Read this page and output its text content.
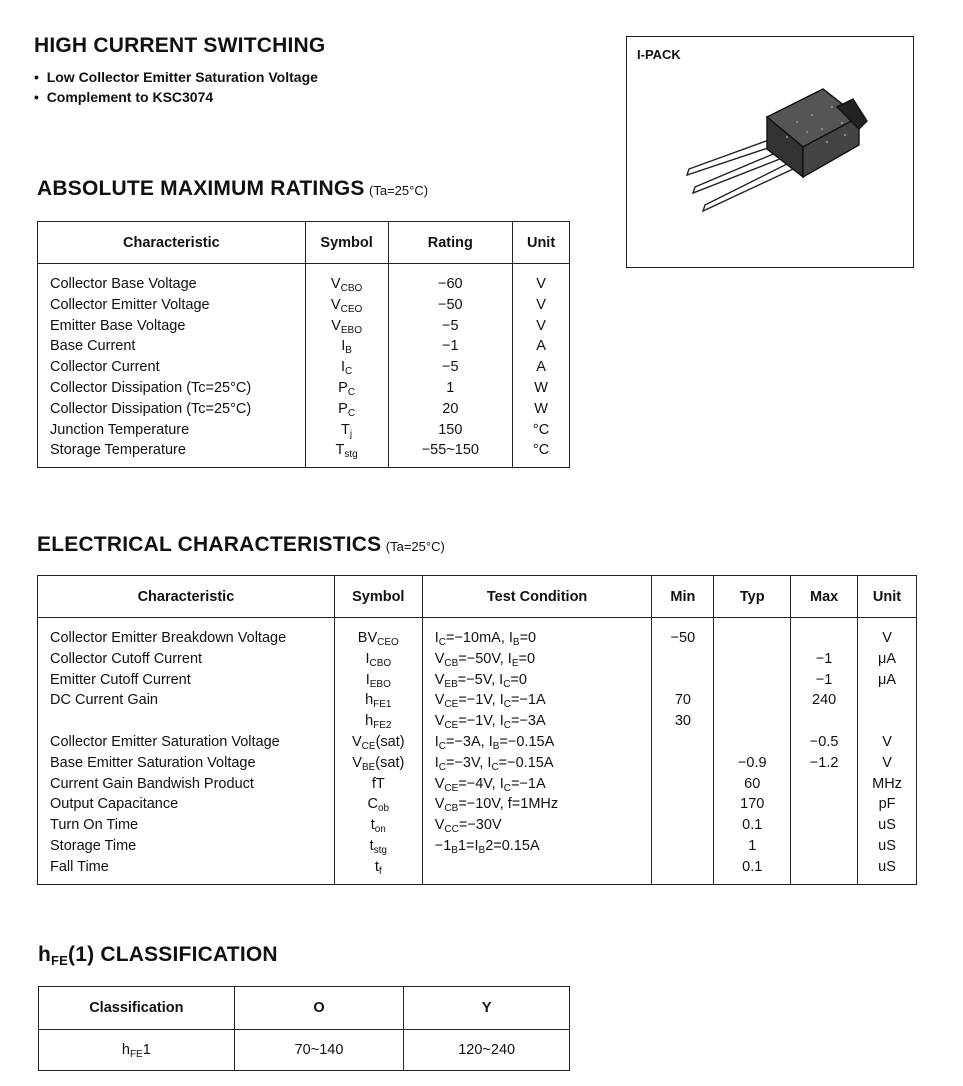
HIGH CURRENT SWITCHING
•  Low Collector Emitter Saturation Voltage
•  Complement to KSC3074
I-PACK
ABSOLUTE MAXIMUM RATINGS (Ta=25°C)
Characteristic	Symbol	Rating	Unit
Collector Base Voltage	$V_{CBO}$	−60	V
Collector Emitter Voltage	$V_{CEO}$	−50	V
Emitter Base Voltage	$V_{EBO}$	−5	V
Base Current	$I_B$	−1	A
Collector Current	$I_C$	−5	A
Collector Dissipation (Tc=25°C)	$P_C$	1	W
Collector Dissipation (Tc=25°C)	$P_C$	20	W
Junction Temperature	$T_j$	150	°C
Storage Temperature	$T_{stg}$	−55~150	°C
ELECTRICAL CHARACTERISTICS (Ta=25°C)
Characteristic	Symbol	Test Condition	Min	Typ	Max	Unit
Collector Emitter Breakdown Voltage	$BV_{CEO}$	$I_C=-10mA$, $I_B=0$	−50			V
Collector Cutoff Current	$I_{CBO}$	$V_{CB}=-50V$, $I_E=0$			−1	μA
Emitter Cutoff Current	$I_{EBO}$	$V_{EB}=-5V$, $I_C=0$			−1	μA
DC Current Gain	$h_{FE1}$	$V_{CE}=-1V$, $I_C=-1A$	70		240	
	$h_{FE2}$	$V_{CE}=-1V$, $I_C=-3A$	30			
Collector Emitter Saturation Voltage	$V_{CE}(sat)$	$I_C=-3A$, $I_B=-0.15A$			−0.5	V
Base Emitter Saturation Voltage	$V_{BE}(sat)$	$I_C=-3V$, $I_C=-0.15A$		−0.9	−1.2	V
Current Gain Bandwish Product	fT	$V_{CE}=-4V$, $I_C=-1A$		60		MHz
Output Capacitance	$C_{ob}$	$V_{CB}=-10V$, f=1MHz		170		pF
Turn On Time	$t_{on}$	$V_{CC}=-30V$		0.1		uS
Storage Time	$t_{stg}$	$-1_B1=I_B2=0.15A$		1		uS
Fall Time	$t_f$			0.1		uS
$h_{FE}(1)$ CLASSIFICATION
Classification	O	Y
$h_{FE}1$	70~140	120~240
